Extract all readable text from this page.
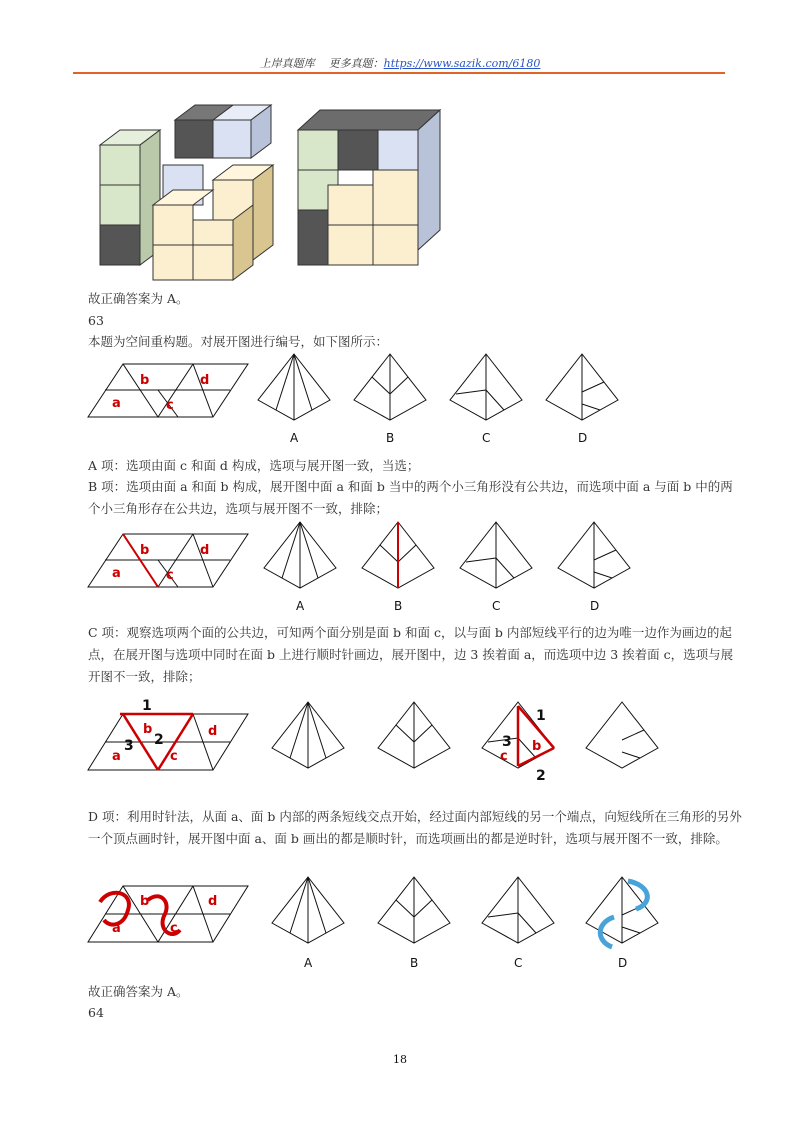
上岸真题库 更多真题：https://www.sazik.com/6180
故正确答案为 A。
63
本题为空间重构题。对展开图进行编号，如下图所示：
a
b
c
d
A	B	C	D
A 项：选项由面 c 和面 d 构成，选项与展开图一致，当选；
B 项：选项由面 a 和面 b 构成，展开图中面 a 和面 b 当中的两个小三角形没有公共边，而选项中面 a 与面 b 中的两个小三角形存在公共边，选项与展开图不一致，排除；
a
b
c
d
A	B	C	D
C 项：观察选项两个面的公共边，可知两个面分别是面 b 和面 c，以与面 b 内部短线平行的边为唯一边作为画边的起点，在展开图与选项中同时在面 b 上进行顺时针画边，展开图中，边 3 挨着面 a，而选项中边 3 挨着面 c，选项与展开图不一致，排除；
1
2
3
a
b
c
d
1
2
3 b
c
D 项：利用时针法，从面 a、面 b 内部的两条短线交点开始，经过面内部短线的另一个端点，向短线所在三角形的另外一个顶点画时针，展开图中面 a、面 b 画出的都是顺时针，而选项画出的都是逆时针，选项与展开图不一致，排除。
a
b
c
d
A	B	C	D
故正确答案为 A。
64
18
